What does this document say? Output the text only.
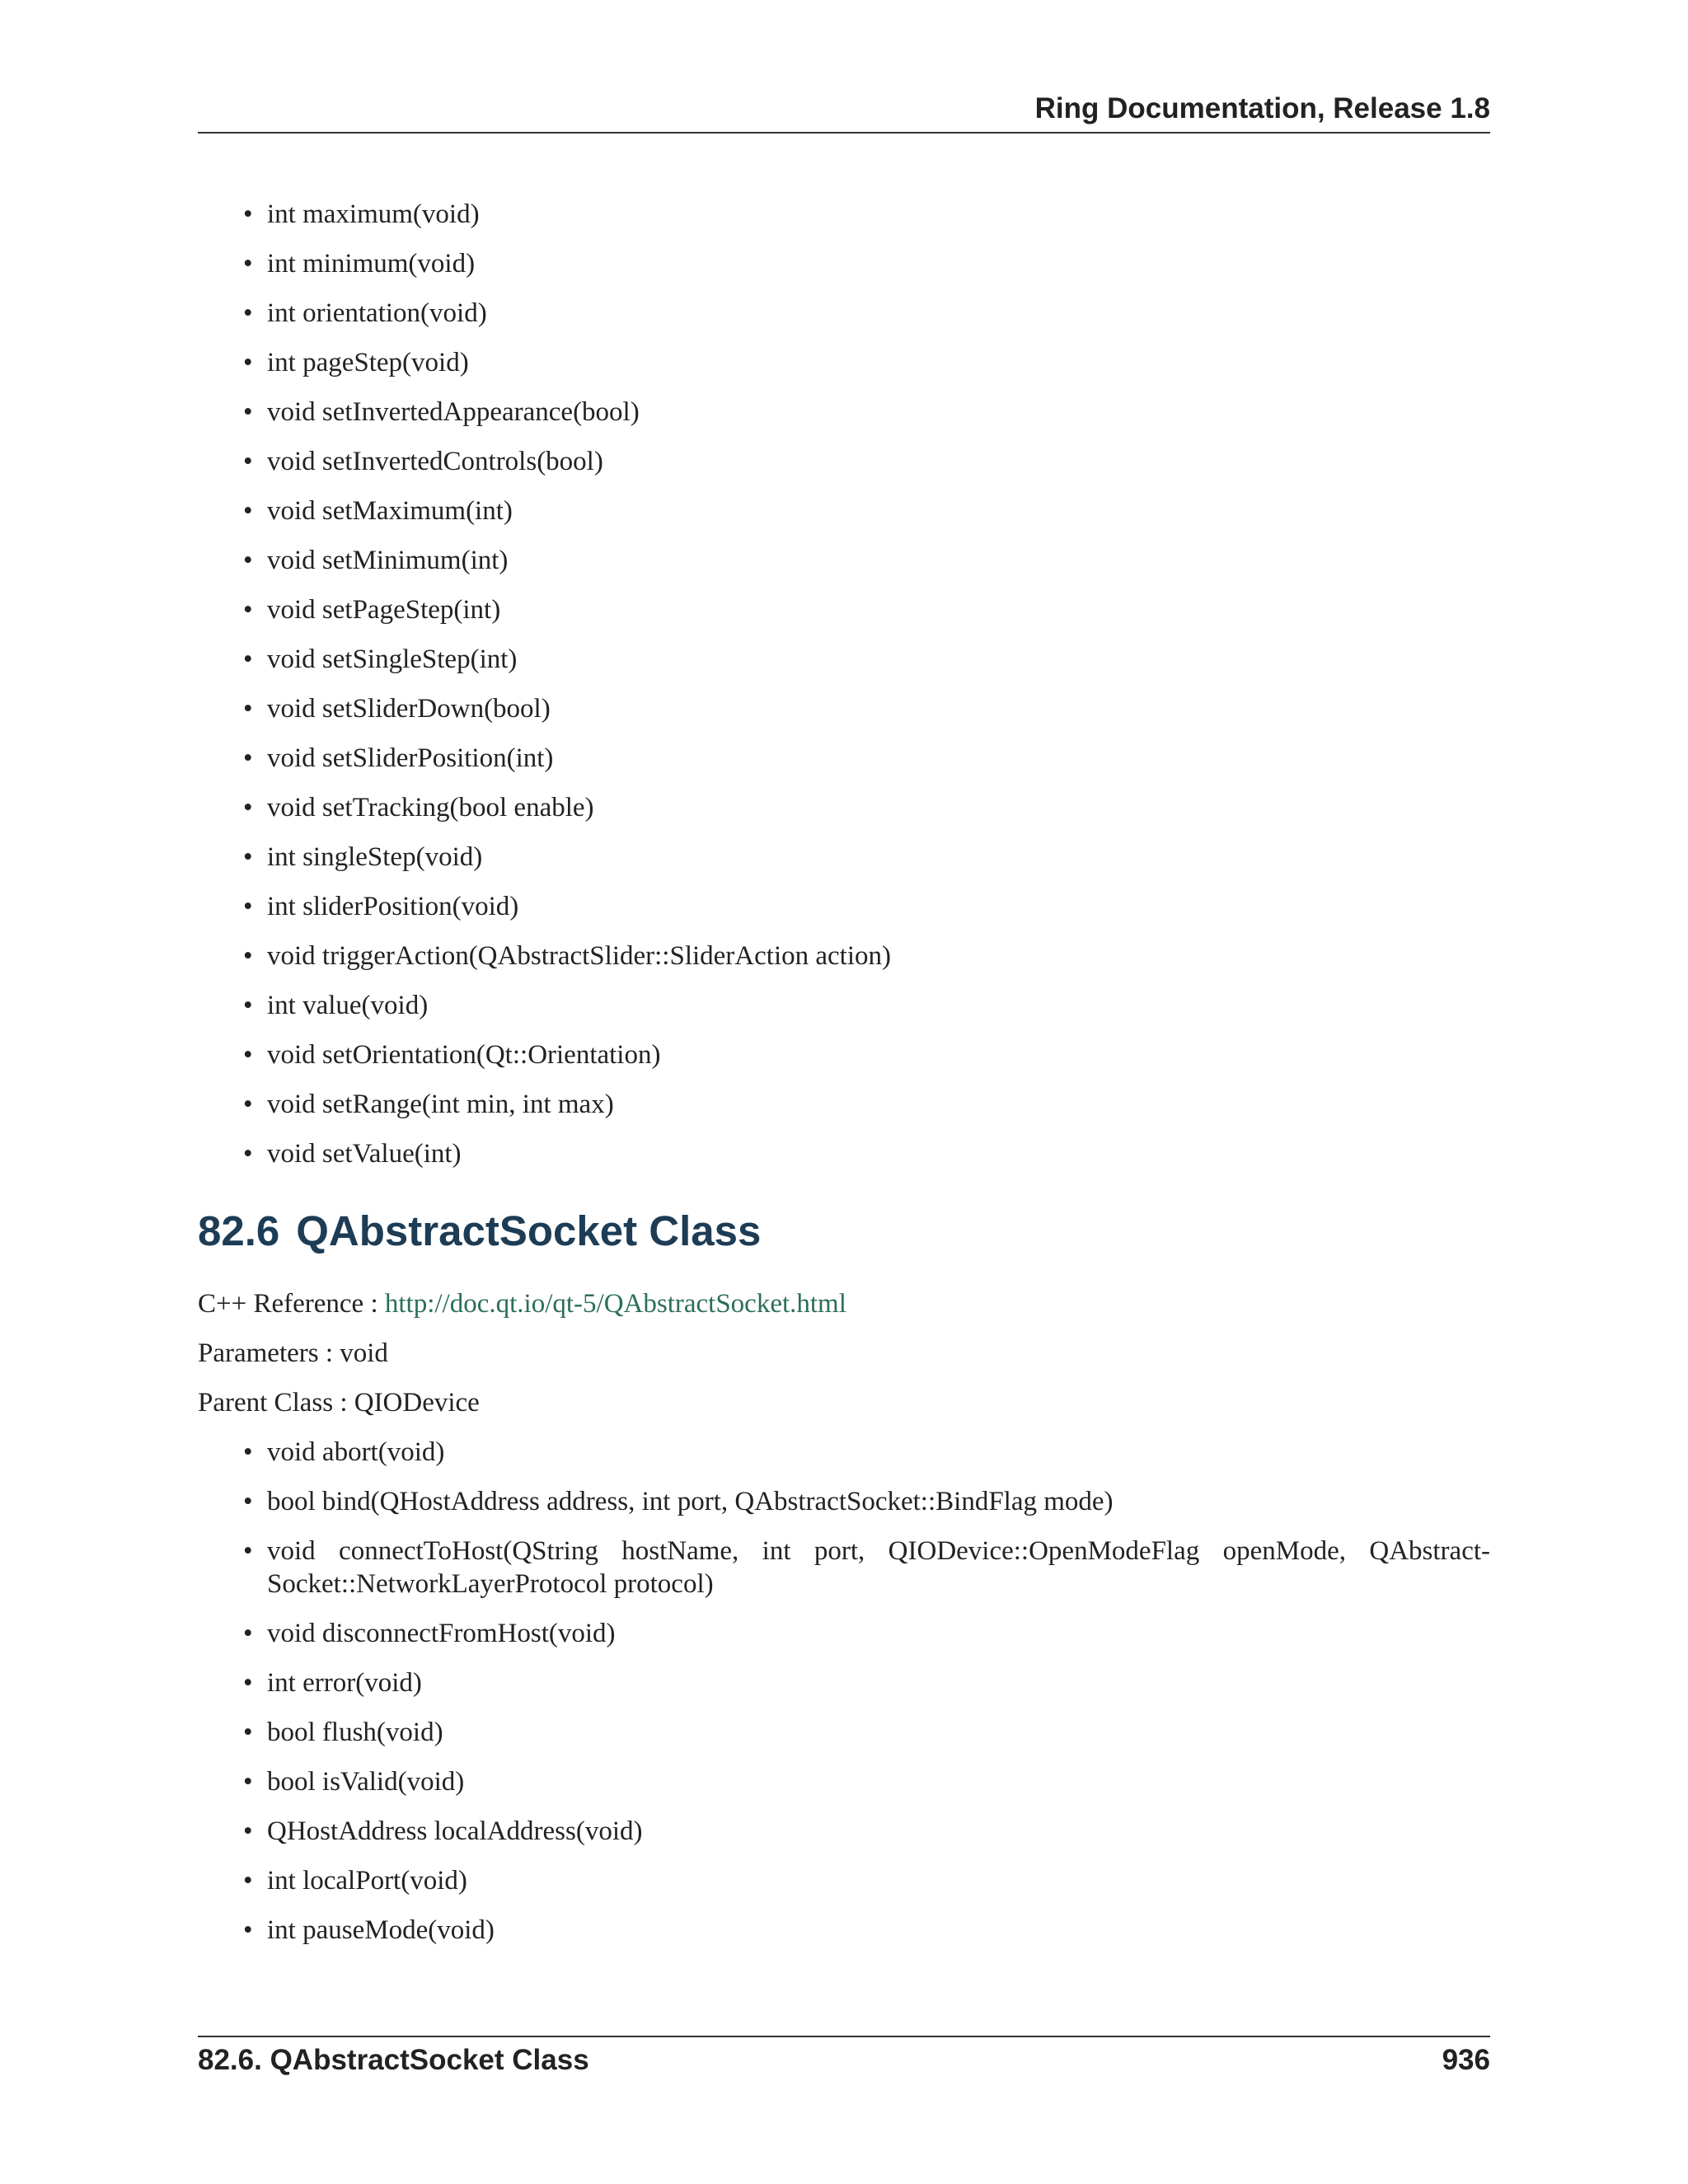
Ring Documentation, Release 1.8
• int maximum(void)
• int minimum(void)
• int orientation(void)
• int pageStep(void)
• void setInvertedAppearance(bool)
• void setInvertedControls(bool)
• void setMaximum(int)
• void setMinimum(int)
• void setPageStep(int)
• void setSingleStep(int)
• void setSliderDown(bool)
• void setSliderPosition(int)
• void setTracking(bool enable)
• int singleStep(void)
• int sliderPosition(void)
• void triggerAction(QAbstractSlider::SliderAction action)
• int value(void)
• void setOrientation(Qt::Orientation)
• void setRange(int min, int max)
• void setValue(int)
82.6 QAbstractSocket Class
C++ Reference : http://doc.qt.io/qt-5/QAbstractSocket.html
Parameters : void
Parent Class : QIODevice
• void abort(void)
• bool bind(QHostAddress address, int port, QAbstractSocket::BindFlag mode)
• void connectToHost(QString hostName, int port, QIODevice::OpenModeFlag openMode, QAbstract-Socket::NetworkLayerProtocol protocol)
• void disconnectFromHost(void)
• int error(void)
• bool flush(void)
• bool isValid(void)
• QHostAddress localAddress(void)
• int localPort(void)
• int pauseMode(void)
82.6. QAbstractSocket Class	936
